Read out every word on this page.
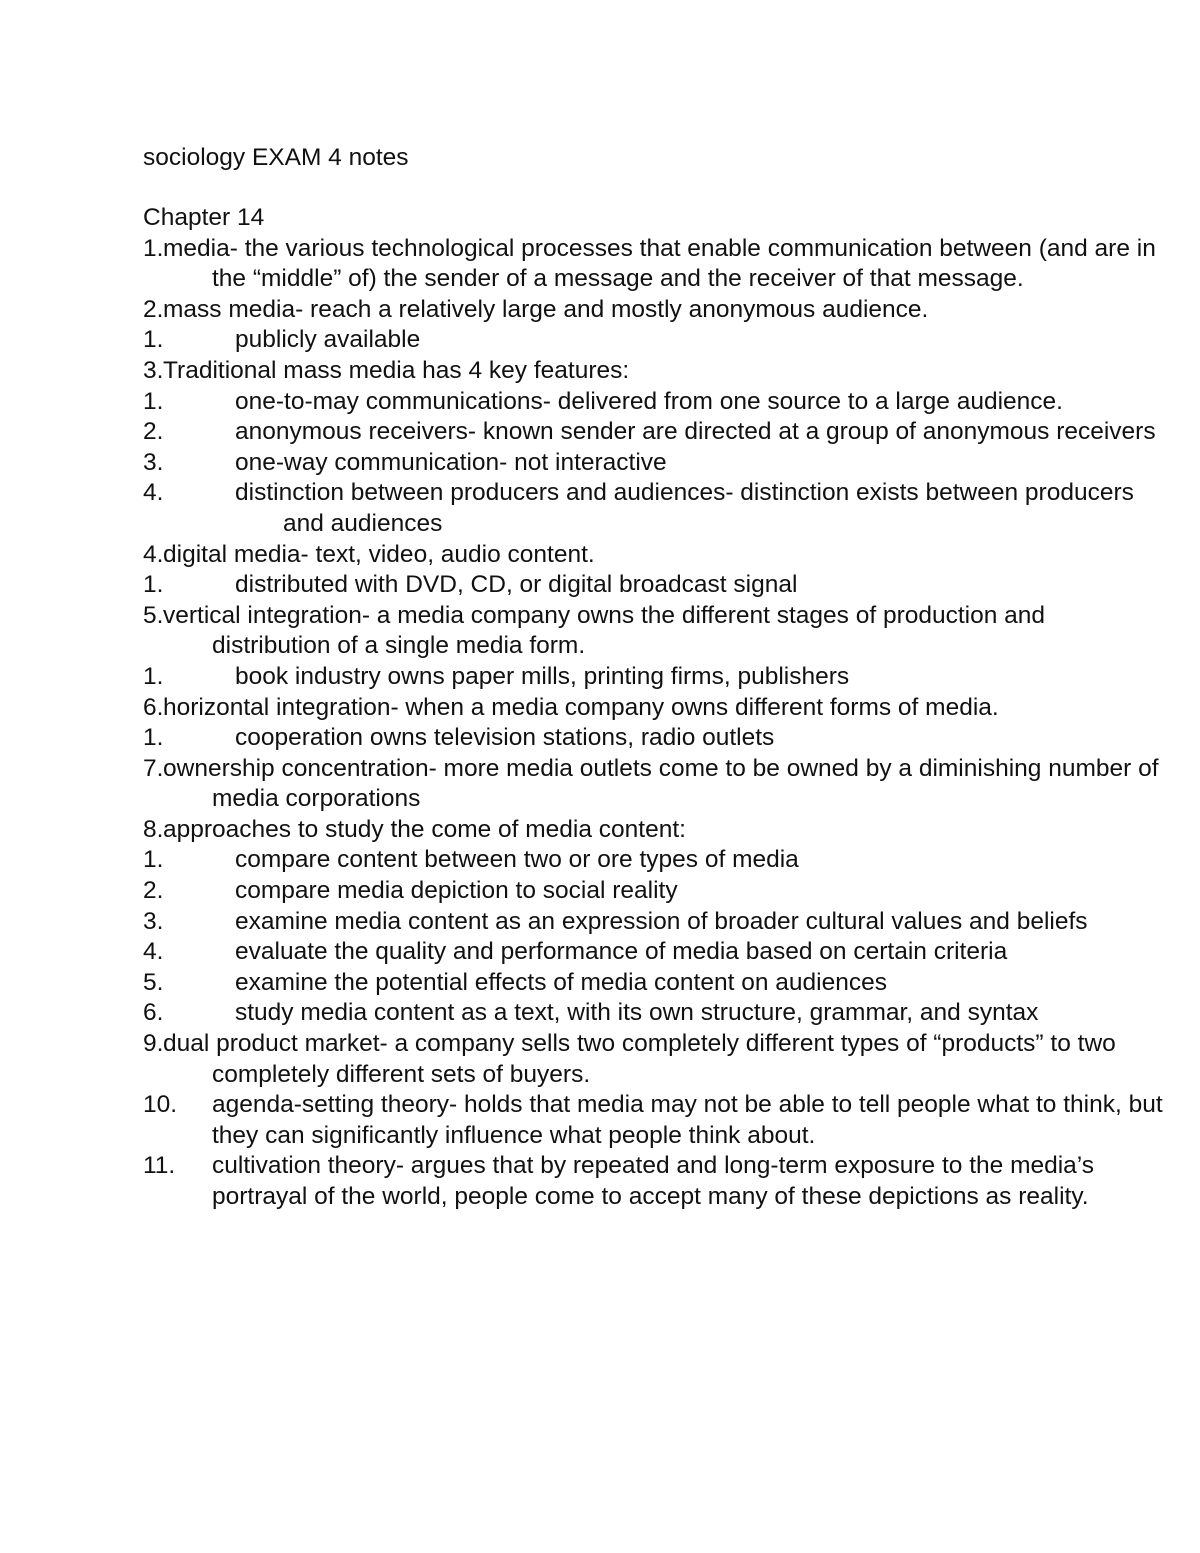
sociology EXAM 4 notes
Chapter 14
1. media- the various technological processes that enable communication between (and are in the “middle” of) the sender of a message and the receiver of that message.
2. mass media- reach a relatively large and mostly anonymous audience.
1.	publicly available
3. Traditional mass media has 4 key features:
1.	one-to-may communications- delivered from one source to a large audience.
2.	anonymous receivers- known sender are directed at a group of anonymous receivers
3.	one-way communication- not interactive
4.	distinction between producers and audiences- distinction exists between producers and audiences
4. digital media- text, video, audio content.
1.	distributed with DVD, CD, or digital broadcast signal
5. vertical integration- a media company owns the different stages of production and distribution of a single media form.
1.	book industry owns paper mills, printing firms, publishers
6. horizontal integration- when a media company owns different forms of media.
1.	cooperation owns television stations, radio outlets
7. ownership concentration- more media outlets come to be owned by a diminishing number of media corporations
8. approaches to study the come of media content:
1.	compare content between two or ore types of media
2.	compare media depiction to social reality
3.	examine media content as an expression of broader cultural values and beliefs
4.	evaluate the quality and performance of media based on certain criteria
5.	examine the potential effects of media content on audiences
6.	study media content as a text, with its own structure, grammar, and syntax
9. dual product market- a company sells two completely different types of “products” to two completely different sets of buyers.
10. agenda-setting theory- holds that media may not be able to tell people what to think, but they can significantly influence what people think about.
11. cultivation theory- argues that by repeated and long-term exposure to the media’s portrayal of the world, people come to accept many of these depictions as reality.
